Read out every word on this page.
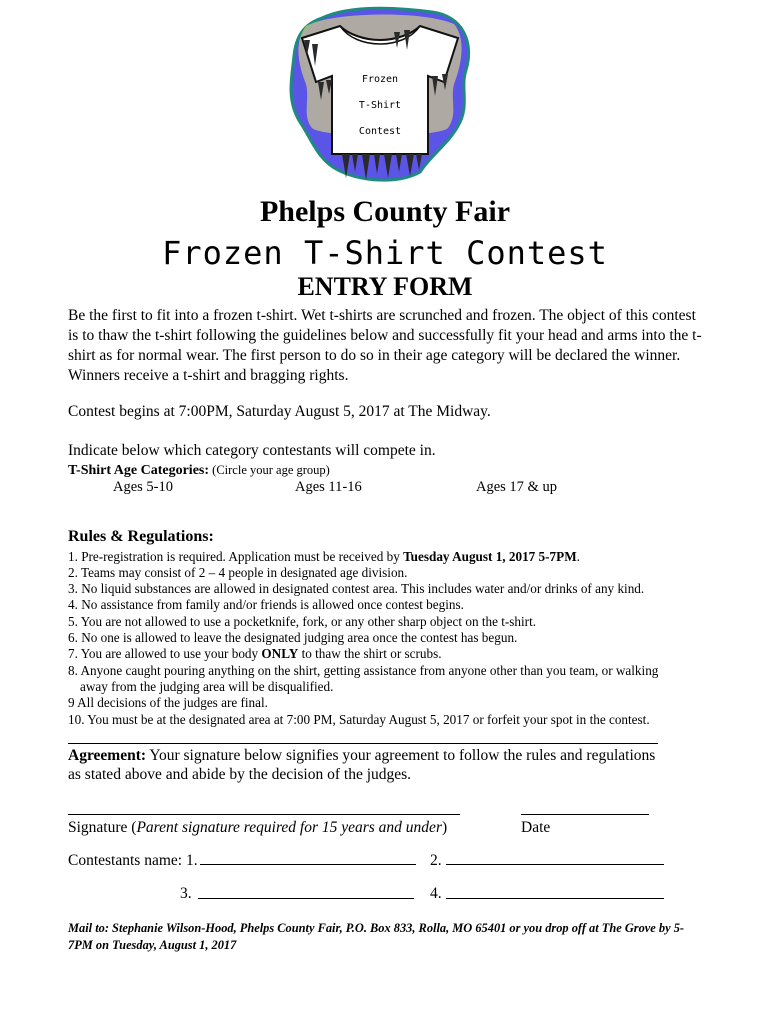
Frozen
T-Shirt
Contest
Phelps County Fair
Frozen T-Shirt Contest
ENTRY FORM
Be the first to fit into a frozen t-shirt. Wet t-shirts are scrunched and frozen. The object of this contest is to thaw the t-shirt following the guidelines below and successfully fit your head and arms into the t-shirt as for normal wear. The first person to do so in their age category will be declared the winner. Winners receive a t-shirt and bragging rights.
Contest begins at 7:00PM, Saturday August 5, 2017 at The Midway.
Indicate below which category contestants will compete in.
T-Shirt Age Categories: (Circle your age group)
Ages 5-10	Ages 11-16	Ages 17 & up
Rules & Regulations:
1. Pre-registration is required. Application must be received by Tuesday August 1, 2017 5-7PM.
2. Teams may consist of 2 – 4 people in designated age division.
3. No liquid substances are allowed in designated contest area. This includes water and/or drinks of any kind.
4. No assistance from family and/or friends is allowed once contest begins.
5. You are not allowed to use a pocketknife, fork, or any other sharp object on the t-shirt.
6. No one is allowed to leave the designated judging area once the contest has begun.
7. You are allowed to use your body ONLY to thaw the shirt or scrubs.
8. Anyone caught pouring anything on the shirt, getting assistance from anyone other than you team, or walking
away from the judging area will be disqualified.
9 All decisions of the judges are final.
10. You must be at the designated area at 7:00 PM, Saturday August 5, 2017 or forfeit your spot in the contest.
Agreement: Your signature below signifies your agreement to follow the rules and regulations
as stated above and abide by the decision of the judges.
Signature (Parent signature required for 15 years and under)	Date
Contestants name: 1.	2.
3.	4.
Mail to: Stephanie Wilson-Hood, Phelps County Fair, P.O. Box 833, Rolla, MO 65401 or you drop off at The Grove by 5-
7PM on Tuesday, August 1, 2017
